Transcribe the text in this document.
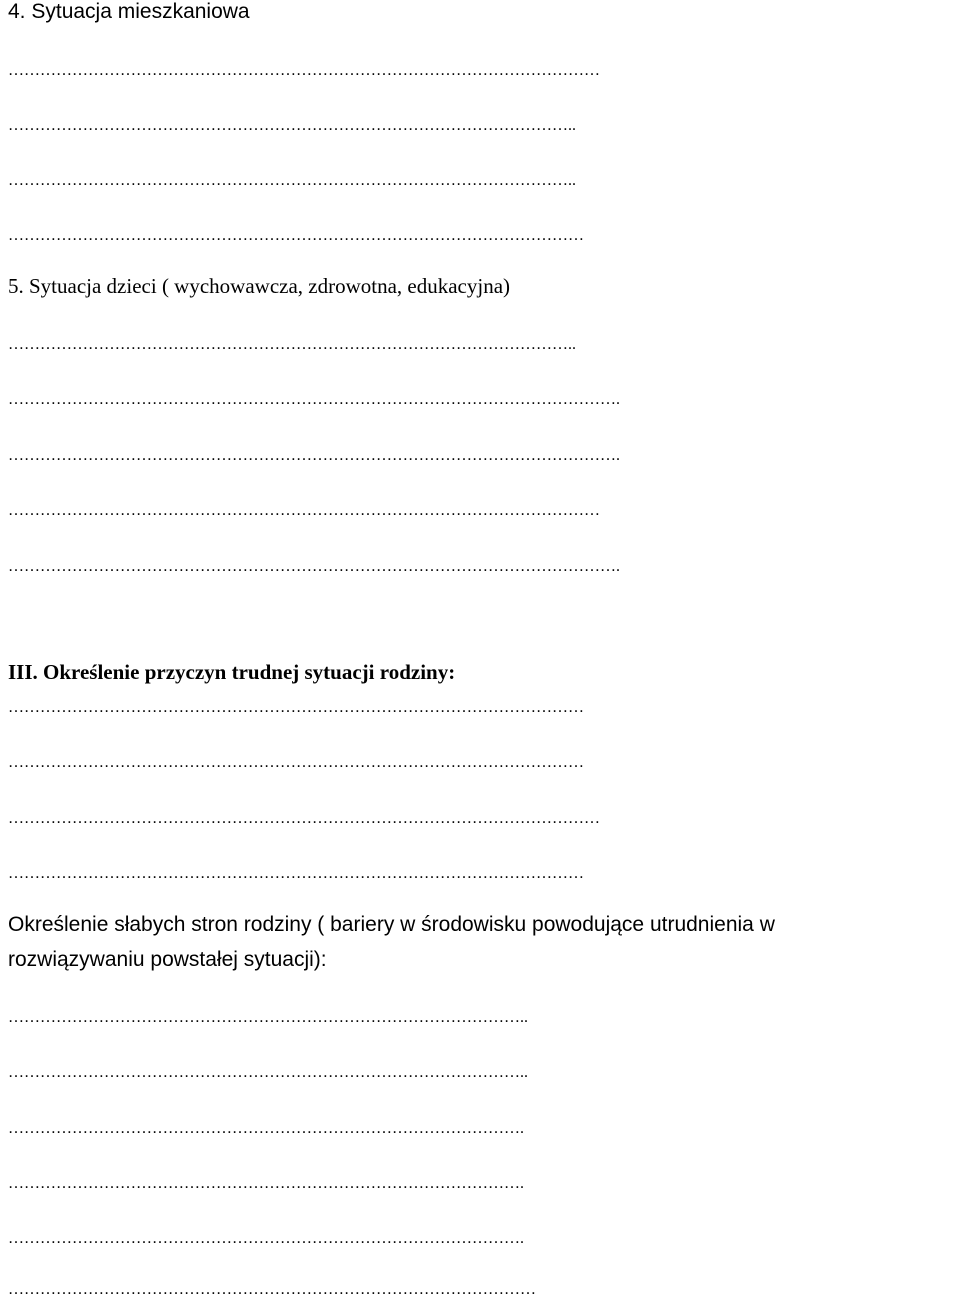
4. Sytuacja mieszkaniowa
…………………………………………………………………………………………………
……………………………………………………………………………………………..
……………………………………………………………………………………………..
………………………………………………………………………………………………
5. Sytuacja dzieci ( wychowawcza, zdrowotna, edukacyjna)
……………………………………………………………………………………………..
…………………………………………………………………………………………………….
…………………………………………………………………………………………………….
…………………………………………………………………………………………………
…………………………………………………………………………………………………….
III. Określenie przyczyn trudnej sytuacji rodziny:
………………………………………………………………………………………………
………………………………………………………………………………………………
…………………………………………………………………………………………………
………………………………………………………………………………………………
Określenie słabych stron rodziny ( bariery w środowisku powodujące utrudnienia w
rozwiązywaniu powstałej sytuacji):
……………………………………………………………………………………..
……………………………………………………………………………………..
…………………………………………………………………………………….
…………………………………………………………………………………….
…………………………………………………………………………………….
………………………………………………………………………………………
